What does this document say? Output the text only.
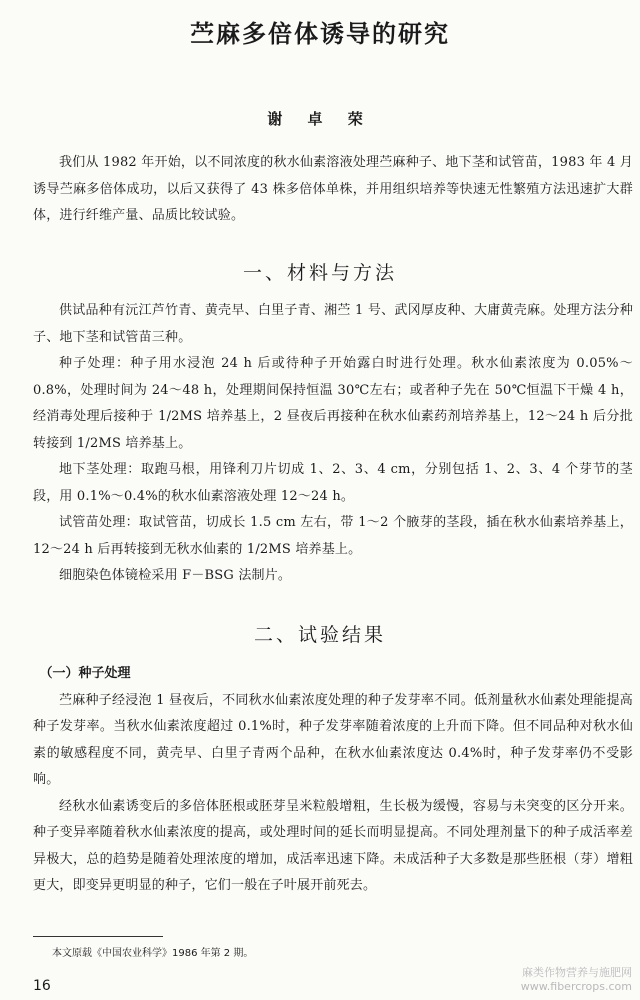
苎麻多倍体诱导的研究
谢 卓 荣

我们从 1982 年开始，以不同浓度的秋水仙素溶液处理苎麻种子、地下茎和试管苗，1983 年 4 月诱导苎麻多倍体成功，以后又获得了 43 株多倍体单株，并用组织培养等快速无性繁殖方法迅速扩大群体，进行纤维产量、品质比较试验。

一、材料与方法

供试品种有沅江芦竹青、黄壳早、白里子青、湘苎 1 号、武冈厚皮种、大庸黄壳麻。处理方法分种子、地下茎和试管苗三种。

种子处理：种子用水浸泡 24 h 后或待种子开始露白时进行处理。秋水仙素浓度为 0.05%～0.8%，处理时间为 24～48 h，处理期间保持恒温 30℃左右；或者种子先在 50℃恒温下干燥 4 h，经消毒处理后接种于 1/2MS 培养基上，2 昼夜后再接种在秋水仙素药剂培养基上，12～24 h 后分批转接到 1/2MS 培养基上。

地下茎处理：取跑马根，用锋利刀片切成 1、2、3、4 cm，分别包括 1、2、3、4 个芽节的茎段，用 0.1%～0.4%的秋水仙素溶液处理 12～24 h。

试管苗处理：取试管苗，切成长 1.5 cm 左右，带 1～2 个腋芽的茎段，插在秋水仙素培养基上，12～24 h 后再转接到无秋水仙素的 1/2MS 培养基上。

细胞染色体镜检采用 F－BSG 法制片。

二、试验结果

（一）种子处理

苎麻种子经浸泡 1 昼夜后，不同秋水仙素浓度处理的种子发芽率不同。低剂量秋水仙素处理能提高种子发芽率。当秋水仙素浓度超过 0.1%时，种子发芽率随着浓度的上升而下降。但不同品种对秋水仙素的敏感程度不同，黄壳早、白里子青两个品种，在秋水仙素浓度达 0.4%时，种子发芽率仍不受影响。

经秋水仙素诱变后的多倍体胚根或胚芽呈米粒般增粗，生长极为缓慢，容易与未突变的区分开来。种子变异率随着秋水仙素浓度的提高，或处理时间的延长而明显提高。不同处理剂量下的种子成活率差异极大，总的趋势是随着处理浓度的增加，成活率迅速下降。未成活种子大多数是那些胚根（芽）增粗更大，即变异更明显的种子，它们一般在子叶展开前死去。

本文原载《中国农业科学》1986 年第 2 期。
16
麻类作物营养与施肥网
www.fibercrops.com
